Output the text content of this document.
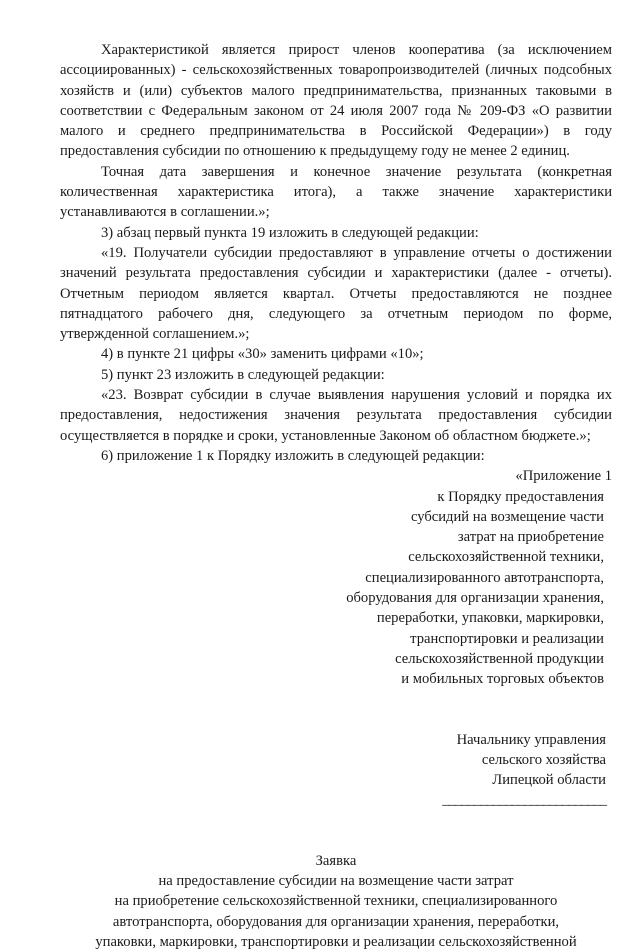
Характеристикой является прирост членов кооператива (за исключением ассоциированных) - сельскохозяйственных товаропроизводителей (личных подсобных хозяйств и (или) субъектов малого предпринимательства, признанных таковыми в соответствии с Федеральным законом от 24 июля 2007 года № 209-ФЗ «О развитии малого и среднего предпринимательства в Российской Федерации») в году предоставления субсидии по отношению к предыдущему году не менее 2 единиц.

Точная дата завершения и конечное значение результата (конкретная количественная характеристика итога), а также значение характеристики устанавливаются в соглашении.»;

3) абзац первый пункта 19 изложить в следующей редакции:

«19. Получатели субсидии предоставляют в управление отчеты о достижении значений результата предоставления субсидии и характеристики (далее - отчеты). Отчетным периодом является квартал. Отчеты предоставляются не позднее пятнадцатого рабочего дня, следующего за отчетным периодом по форме, утвержденной соглашением.»;

4) в пункте 21 цифры «30» заменить цифрами «10»;

5) пункт 23 изложить в следующей редакции:

«23. Возврат субсидии в случае выявления нарушения условий и порядка их предоставления, недостижения значения результата предоставления субсидии осуществляется в порядке и сроки, установленные Законом об областном бюджете.»;

6) приложение 1 к Порядку изложить в следующей редакции:

«Приложение 1
к Порядку предоставления
субсидий на возмещение части
затрат на приобретение
сельскохозяйственной техники,
специализированного автотранспорта,
оборудования для организации хранения,
переработки, упаковки, маркировки,
транспортировки и реализации
сельскохозяйственной продукции
и мобильных торговых объектов
Начальнику управления
сельского хозяйства
Липецкой области
__________________________
Заявка
на предоставление субсидии на возмещение части затрат
на приобретение сельскохозяйственной техники, специализированного
автотранспорта, оборудования для организации хранения, переработки,
упаковки, маркировки, транспортировки и реализации сельскохозяйственной
